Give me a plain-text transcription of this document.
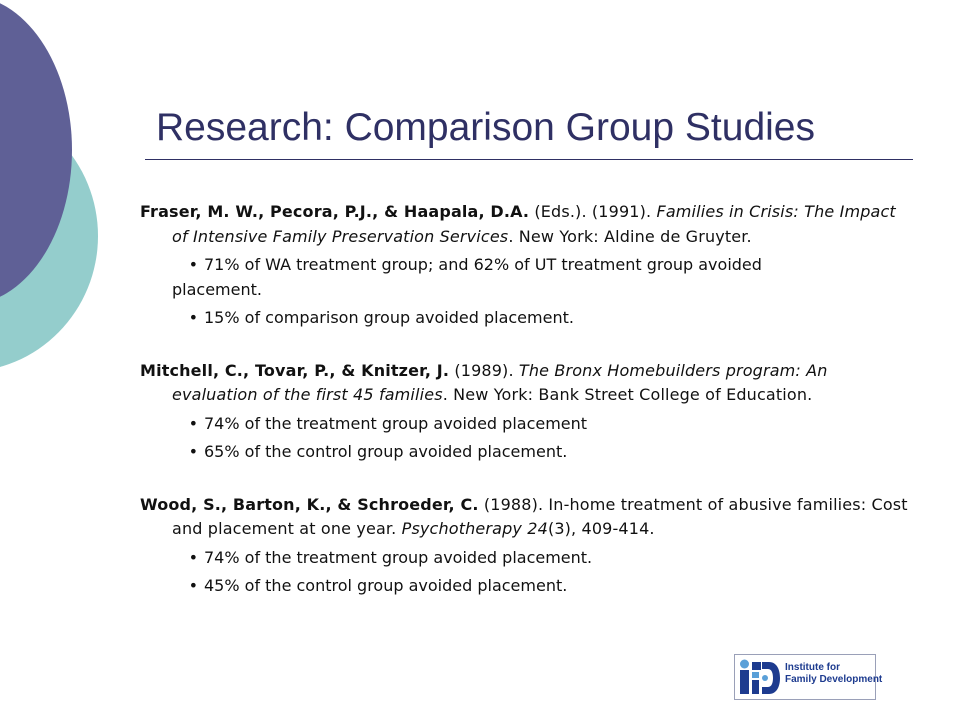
Research: Comparison Group Studies

Fraser, M. W., Pecora, P.J., & Haapala, D.A. (Eds.). (1991). Families in Crisis: The Impact of Intensive Family Preservation Services. New York: Aldine de Gruyter.

• 71% of WA treatment group; and 62% of UT treatment group avoided                      placement.
• 15% of comparison group avoided placement.

Mitchell, C., Tovar, P., & Knitzer, J. (1989). The Bronx Homebuilders program: An evaluation of the first 45 families. New York: Bank Street College of Education.

• 74% of the treatment group avoided placement
• 65% of the control group avoided placement.

Wood, S., Barton, K., & Schroeder, C. (1988). In-home treatment of abusive families: Cost and placement at one year. Psychotherapy 24(3), 409-414.

• 74% of the treatment group avoided placement.
• 45% of the control group avoided placement.
Institute for
Family Development
